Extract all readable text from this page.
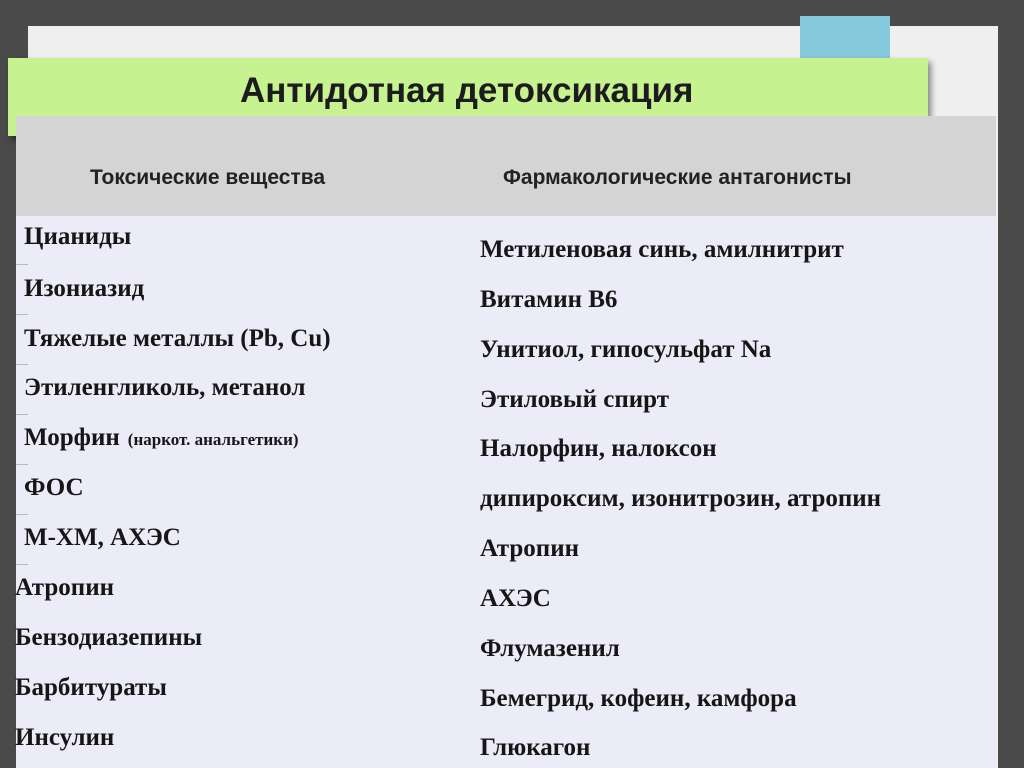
Антидотная детоксикация
Токсические вещества	Фармакологические антагонисты
Цианиды
Изониазид
Тяжелые металлы (Pb, Cu)
Этиленгликоль, метанол
Морфин (наркот. анальгетики)
ФОС
М-ХМ, АХЭС
Атропин
Бензодиазепины
Барбитураты
Инсулин
Метиленовая синь, амилнитрит
Витамин В6
Унитиол, гипосульфат Na
Этиловый спирт
Налорфин, налоксон
дипироксим, изонитрозин, атропин
Атропин
АХЭС
Флумазенил
Бемегрид, кофеин, камфора
Глюкагон
